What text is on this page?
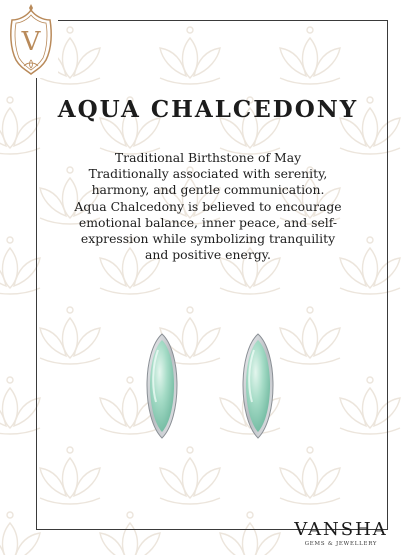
V
AQUA CHALCEDONY
Traditional Birthstone of May
Traditionally associated with serenity,
harmony, and gentle communication.
Aqua Chalcedony is believed to encourage
emotional balance, inner peace, and self-
expression while symbolizing tranquility
and positive energy.
VANSHA
GEMS & JEWELLERY
